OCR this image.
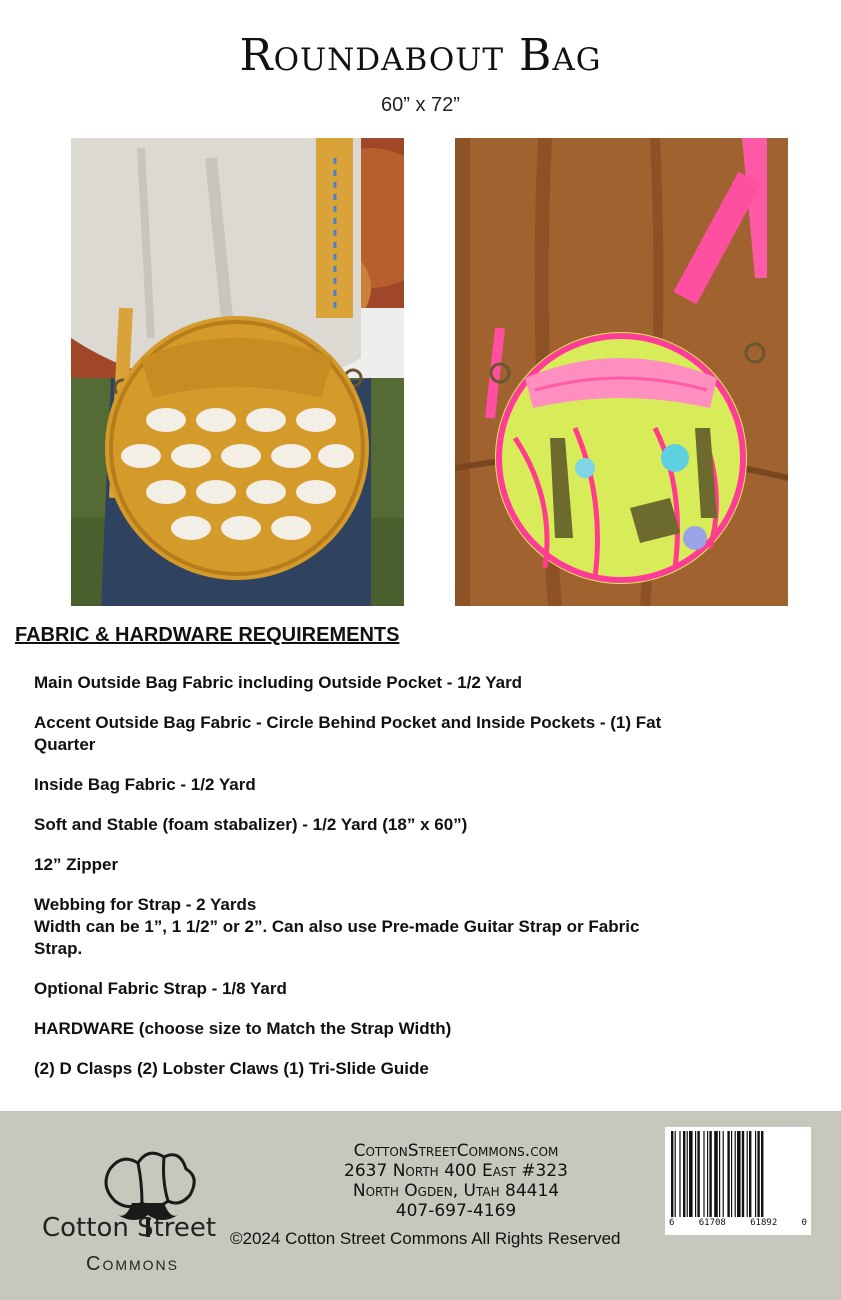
Roundabout Bag
60” x 72”
FABRIC & HARDWARE REQUIREMENTS
Main Outside Bag Fabric including Outside Pocket - 1/2 Yard
Accent Outside Bag Fabric - Circle Behind Pocket and Inside Pockets - (1) Fat
Quarter
Inside Bag Fabric - 1/2 Yard
Soft and Stable (foam stabalizer) - 1/2 Yard (18” x 60”)
12” Zipper
Webbing for Strap - 2 Yards
Width can be 1”, 1 1/2” or 2”. Can also use Pre-made Guitar Strap or Fabric
Strap.
Optional Fabric Strap - 1/8 Yard
HARDWARE (choose size to Match the Strap Width)
(2) D Clasps (2) Lobster Claws (1) Tri-Slide Guide
Cotton Street
Commons
CottonStreetCommons.com
2637 North 400 East #323
North Ogden, Utah 84414
407-697-4169
©2024 Cotton Street Commons All Rights Reserved
6	61708	61892	0
